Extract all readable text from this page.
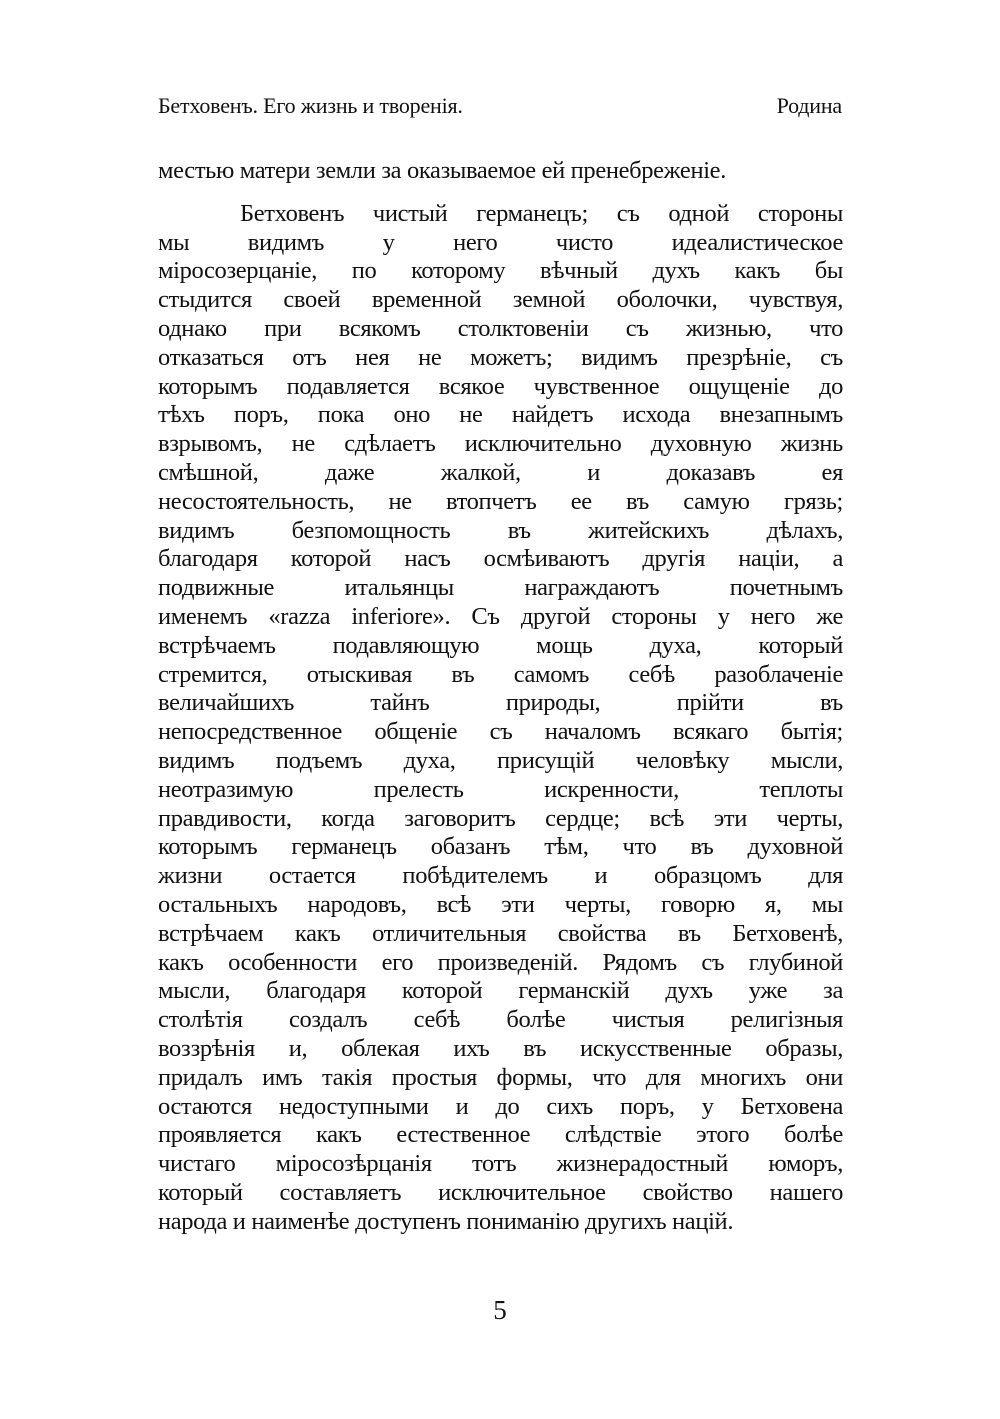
Бетховенъ. Его жизнь и творенія.	Родина
местью матери земли за оказываемое ей пренебреженіе.
Бетховенъ чистый германецъ; съ одной стороны
мы видимъ у него чисто идеалистическое
міросозерцаніе, по которому вѣчный духъ какъ бы
стыдится своей временной земной оболочки, чувствуя,
однако при всякомъ столктовеніи съ жизнью, что
отказаться отъ нея не можетъ; видимъ презрѣніе, съ
которымъ подавляется всякое чувственное ощущеніе до
тѣхъ поръ, пока оно не найдетъ исхода внезапнымъ
взрывомъ, не сдѣлаетъ исключительно духовную жизнь
смѣшной, даже жалкой, и доказавъ ея
несостоятельность, не втопчетъ ее въ самую грязь;
видимъ безпомощность въ житейскихъ дѣлахъ,
благодаря которой насъ осмѣиваютъ другія націи, а
подвижные итальянцы награждаютъ почетнымъ
именемъ «razza inferiore». Съ другой стороны у него же
встрѣчаемъ подавляющую мощь духа, который
стремится, отыскивая въ самомъ себѣ разоблаченіе
величайшихъ тайнъ природы, прійти въ
непосредственное общеніе съ началомъ всякаго бытія;
видимъ подъемъ духа, присущій человѣку мысли,
неотразимую прелесть искренности, теплоты
правдивости, когда заговоритъ сердце; всѣ эти черты,
которымъ германецъ обазанъ тѣм, что въ духовной
жизни остается побѣдителемъ и образцомъ для
остальныхъ народовъ, всѣ эти черты, говорю я, мы
встрѣчаем какъ отличительныя свойства въ Бетховенѣ,
какъ особенности его произведеній. Рядомъ съ глубиной
мысли, благодаря которой германскій духъ уже за
столѣтія создалъ себѣ болѣе чистыя религізныя
воззрѣнія и, облекая ихъ въ искусственные образы,
придалъ имъ такія простыя формы, что для многихъ они
остаются недоступными и до сихъ поръ, у Бетховена
проявляется какъ естественное слѣдствіе этого болѣе
чистаго міросозѣрцанія тотъ жизнерадостный юморъ,
который составляетъ исключительное свойство нашего
народа и наименѣе доступенъ пониманію другихъ націй.
5
